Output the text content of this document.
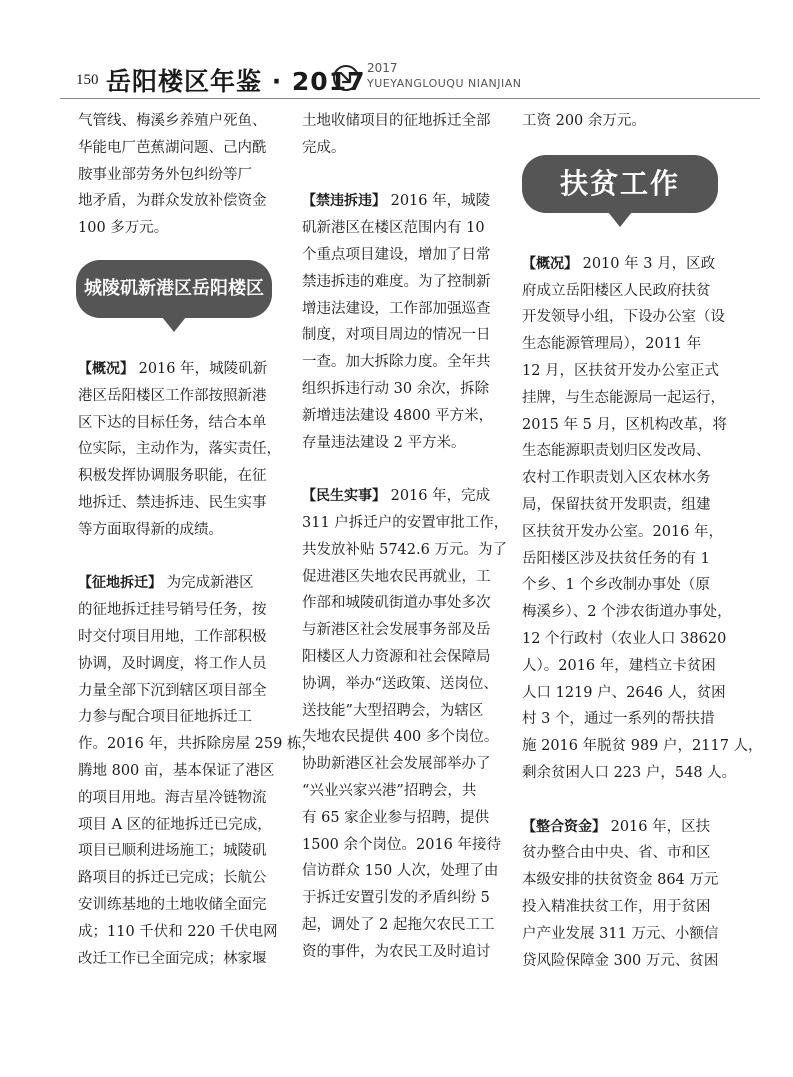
150 岳阳楼区年鉴 · 2017 2017
YUEYANGLOUQU NIANJIAN
气管线、梅溪乡养殖户死鱼、
华能电厂芭蕉湖问题、己内酰
胺事业部劳务外包纠纷等厂
地矛盾，为群众发放补偿资金
100 多万元。
城陵矶新港区岳阳楼区工作
【概况】 2016 年，城陵矶新
港区岳阳楼区工作部按照新港
区下达的目标任务，结合本单
位实际，主动作为，落实责任，
积极发挥协调服务职能，在征
地拆迁、禁违拆违、民生实事
等方面取得新的成绩。
【征地拆迁】 为完成新港区
的征地拆迁挂号销号任务，按
时交付项目用地，工作部积极
协调，及时调度，将工作人员
力量全部下沉到辖区项目部全
力参与配合项目征地拆迁工
作。2016 年，共拆除房屋 259 栋，
腾地 800 亩，基本保证了港区
的项目用地。海吉星冷链物流
项目 A 区的征地拆迁已完成，
项目已顺利进场施工；城陵矶
路项目的拆迁已完成；长航公
安训练基地的土地收储全面完
成；110 千伏和 220 千伏电网
改迁工作已全面完成；林家堰
土地收储项目的征地拆迁全部
完成。
【禁违拆违】 2016 年，城陵
矶新港区在楼区范围内有 10
个重点项目建设，增加了日常
禁违拆违的难度。为了控制新
增违法建设，工作部加强巡查
制度，对项目周边的情况一日
一查。加大拆除力度。全年共
组织拆违行动 30 余次，拆除
新增违法建设 4800 平方米，
存量违法建设 2 平方米。
【民生实事】 2016 年，完成
311 户拆迁户的安置审批工作，
共发放补贴 5742.6 万元。为了
促进港区失地农民再就业，工
作部和城陵矶街道办事处多次
与新港区社会发展事务部及岳
阳楼区人力资源和社会保障局
协调，举办“送政策、送岗位、
送技能”大型招聘会，为辖区
失地农民提供 400 多个岗位。
协助新港区社会发展部举办了
“兴业兴家兴港”招聘会，共
有 65 家企业参与招聘，提供
1500 余个岗位。2016 年接待
信访群众 150 人次，处理了由
于拆迁安置引发的矛盾纠纷 5
起，调处了 2 起拖欠农民工工
资的事件，为农民工及时追讨
工资 200 余万元。
扶贫工作
【概况】 2010 年 3 月，区政
府成立岳阳楼区人民政府扶贫
开发领导小组，下设办公室（设
生态能源管理局），2011 年
12 月，区扶贫开发办公室正式
挂牌，与生态能源局一起运行，
2015 年 5 月，区机构改革，将
生态能源职责划归区发改局、
农村工作职责划入区农林水务
局，保留扶贫开发职责，组建
区扶贫开发办公室。2016 年，
岳阳楼区涉及扶贫任务的有 1
个乡、1 个乡改制办事处（原
梅溪乡）、2 个涉农街道办事处，
12 个行政村（农业人口 38620
人）。2016 年，建档立卡贫困
人口 1219 户、2646 人，贫困
村 3 个，通过一系列的帮扶措
施 2016 年脱贫 989 户，2117 人，
剩余贫困人口 223 户，548 人。
【整合资金】 2016 年，区扶
贫办整合由中央、省、市和区
本级安排的扶贫资金 864 万元
投入精准扶贫工作，用于贫困
户产业发展 311 万元、小额信
贷风险保障金 300 万元、贫困
